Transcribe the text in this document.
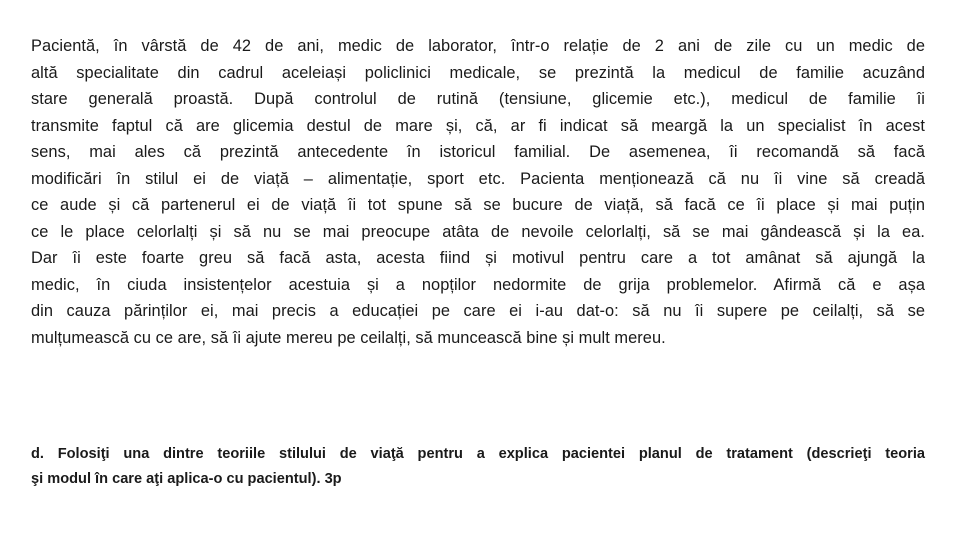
Pacientă, în vârstă de 42 de ani, medic de laborator, într-o relație de 2 ani de zile cu un medic de
altă specialitate din cadrul aceleiași policlinici medicale, se prezintă la medicul de familie acuzând
stare generală proastă. După controlul de rutină (tensiune, glicemie etc.), medicul de familie îi
transmite faptul că are glicemia destul de mare și, că, ar fi indicat să meargă la un specialist în acest
sens, mai ales că prezintă antecedente în istoricul familial. De asemenea, îi recomandă să facă
modificări în stilul ei de viață – alimentație, sport etc. Pacienta menționează că nu îi vine să creadă
ce aude și că partenerul ei de viață îi tot spune să se bucure de viață, să facă ce îi place și mai puțin
ce le place celorlalți și să nu se mai preocupe atâta de nevoile celorlalți, să se mai gândească și la ea.
Dar îi este foarte greu să facă asta, acesta fiind și motivul pentru care a tot amânat să ajungă la
medic, în ciuda insistențelor acestuia și a nopților nedormite de grija problemelor. Afirmă că e așa
din cauza părinților ei, mai precis a educației pe care ei i-au dat-o: să nu îi supere pe ceilalți, să se
mulțumească cu ce are, să îi ajute mereu pe ceilalți, să muncească bine și mult mereu.
d. Folosiţi una dintre teoriile stilului de viaţă pentru a explica pacientei planul de tratament (descrieţi teoria
şi modul în care aţi aplica-o cu pacientul). 3p
